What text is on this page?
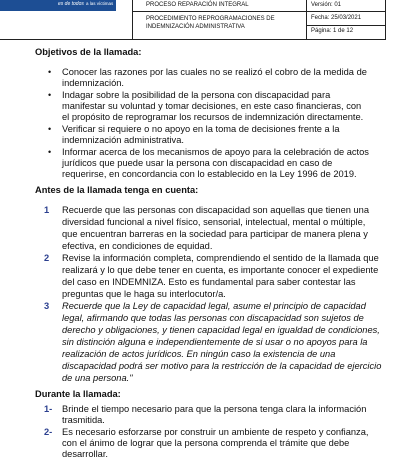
es de todos a las víctimas	PROCESO REPARACIÓN INTEGRAL
PROCEDIMIENTO REPROGRAMACIONES DE
INDEMNIZACIÓN ADMINISTRATIVA
Versión: 01
Fecha: 25/03/2021
Página: 1 de 12
Objetivos de la llamada:
• Conocer las razones por las cuales no se realizó el cobro de la medida de
indemnización.
• Indagar sobre la posibilidad de la persona con discapacidad para
manifestar su voluntad y tomar decisiones, en este caso financieras, con
el propósito de reprogramar los recursos de indemnización directamente.
• Verificar si requiere o no apoyo en la toma de decisiones frente a la
indemnización administrativa.
• Informar acerca de los mecanismos de apoyo para la celebración de actos
jurídicos que puede usar la persona con discapacidad en caso de
requerirse, en concordancia con lo establecido en la Ley 1996 de 2019.
Antes de la llamada tenga en cuenta:
1 Recuerde que las personas con discapacidad son aquellas que tienen una
diversidad funcional a nivel físico, sensorial, intelectual, mental o múltiple,
que encuentran barreras en la sociedad para participar de manera plena y
efectiva, en condiciones de equidad.
2 Revise la información completa, comprendiendo el sentido de la llamada que
realizará y lo que debe tener en cuenta, es importante conocer el expediente
del caso en INDEMNIZA. Esto es fundamental para saber contestar las
preguntas que le haga su interlocutor/a.
3 Recuerde que la Ley de capacidad legal, asume el principio de capacidad
legal, afirmando que todas las personas con discapacidad son sujetos de
derecho y obligaciones, y tienen capacidad legal en igualdad de condiciones,
sin distinción alguna e independientemente de si usar o no apoyos para la
realización de actos jurídicos. En ningún caso la existencia de una
discapacidad podrá ser motivo para la restricción de la capacidad de ejercicio
de una persona."
Durante la llamada:
1- Brinde el tiempo necesario para que la persona tenga clara la información
trasmitida.
2- Es necesario esforzarse por construir un ambiente de respeto y confianza,
con el ánimo de lograr que la persona comprenda el trámite que debe
desarrollar.
